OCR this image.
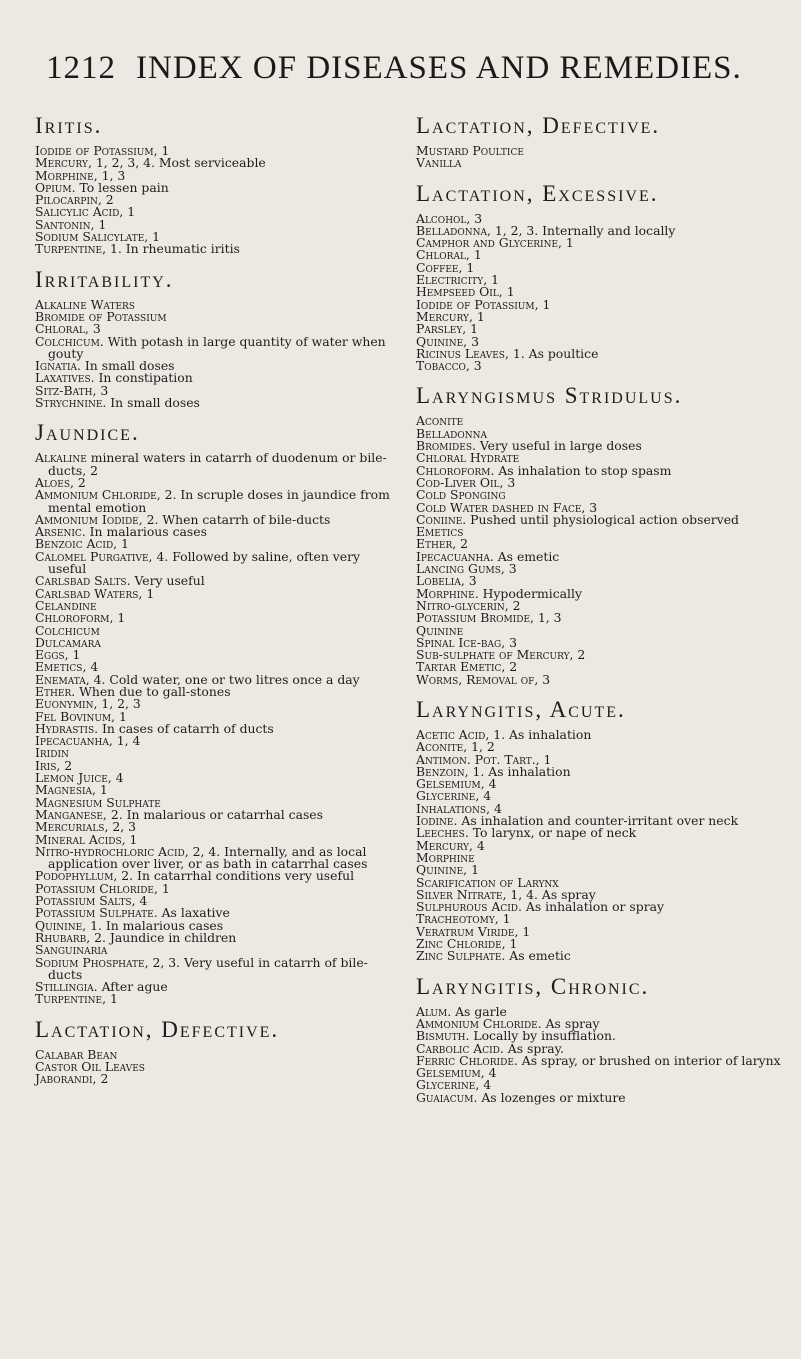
1212 INDEX OF DISEASES AND REMEDIES.
Iritis.
Iodide of Potassium, 1
Mercury, 1, 2, 3, 4. Most serviceable
Morphine, 1, 3
Opium. To lessen pain
Pilocarpin, 2
Salicylic Acid, 1
Santonin, 1
Sodium Salicylate, 1
Turpentine, 1. In rheumatic iritis
Irritability.
Alkaline Waters
Bromide of Potassium
Chloral, 3
Colchicum. With potash in large quantity of water when gouty
Ignatia. In small doses
Laxatives. In constipation
Sitz-Bath, 3
Strychnine. In small doses
Jaundice.
Alkaline mineral waters in catarrh of duodenum or bile-ducts, 2
Aloes, 2
Ammonium Chloride, 2. In scruple doses in jaundice from mental emotion
Ammonium Iodide, 2. When catarrh of bile-ducts
Arsenic. In malarious cases
Benzoic Acid, 1
Calomel Purgative, 4. Followed by saline, often very useful
Carlsbad Salts. Very useful
Carlsbad Waters, 1
Celandine
Chloroform, 1
Colchicum
Dulcamara
Eggs, 1
Emetics, 4
Enemata, 4. Cold water, one or two litres once a day
Ether. When due to gall-stones
Euonymin, 1, 2, 3
Fel Bovinum, 1
Hydrastis. In cases of catarrh of ducts
Ipecacuanha, 1, 4
Iridin
Iris, 2
Lemon Juice, 4
Magnesia, 1
Magnesium Sulphate
Manganese, 2. In malarious or catarrhal cases
Mercurials, 2, 3
Mineral Acids, 1
Nitro-hydrochloric Acid, 2, 4. Internally, and as local application over liver, or as bath in catarrhal cases
Podophyllum, 2. In catarrhal conditions very useful
Potassium Chloride, 1
Potassium Salts, 4
Potassium Sulphate. As laxative
Quinine, 1. In malarious cases
Rhubarb, 2. Jaundice in children
Sanguinaria
Sodium Phosphate, 2, 3. Very useful in catarrh of bile-ducts
Stillingia. After ague
Turpentine, 1
Lactation, Defective.
Calabar Bean
Castor Oil Leaves
Jaborandi, 2
Lactation, Defective.
Mustard Poultice
Vanilla
Lactation, Excessive.
Alcohol, 3
Belladonna, 1, 2, 3. Internally and locally
Camphor and Glycerine, 1
Chloral, 1
Coffee, 1
Electricity, 1
Hempseed Oil, 1
Iodide of Potassium, 1
Mercury, 1
Parsley, 1
Quinine, 3
Ricinus Leaves, 1. As poultice
Tobacco, 3
Laryngismus Stridulus.
Aconite
Belladonna
Bromides. Very useful in large doses
Chloral Hydrate
Chloroform. As inhalation to stop spasm
Cod-Liver Oil, 3
Cold Sponging
Cold Water dashed in Face, 3
Coniine. Pushed until physiological action observed
Emetics
Ether, 2
Ipecacuanha. As emetic
Lancing Gums, 3
Lobelia, 3
Morphine. Hypodermically
Nitro-glycerin, 2
Potassium Bromide, 1, 3
Quinine
Spinal Ice-bag, 3
Sub-sulphate of Mercury, 2
Tartar Emetic, 2
Worms, Removal of, 3
Laryngitis, Acute.
Acetic Acid, 1. As inhalation
Aconite, 1, 2
Antimon. Pot. Tart., 1
Benzoin, 1. As inhalation
Gelsemium, 4
Glycerine, 4
Inhalations, 4
Iodine. As inhalation and counter-irritant over neck
Leeches. To larynx, or nape of neck
Mercury, 4
Morphine
Quinine, 1
Scarification of Larynx
Silver Nitrate, 1, 4. As spray
Sulphurous Acid. As inhalation or spray
Tracheotomy, 1
Veratrum Viride, 1
Zinc Chloride, 1
Zinc Sulphate. As emetic
Laryngitis, Chronic.
Alum. As garle
Ammonium Chloride. As spray
Bismuth. Locally by insufflation.
Carbolic Acid. As spray.
Ferric Chloride. As spray, or brushed on interior of larynx
Gelsemium, 4
Glycerine, 4
Guaiacum. As lozenges or mixture
